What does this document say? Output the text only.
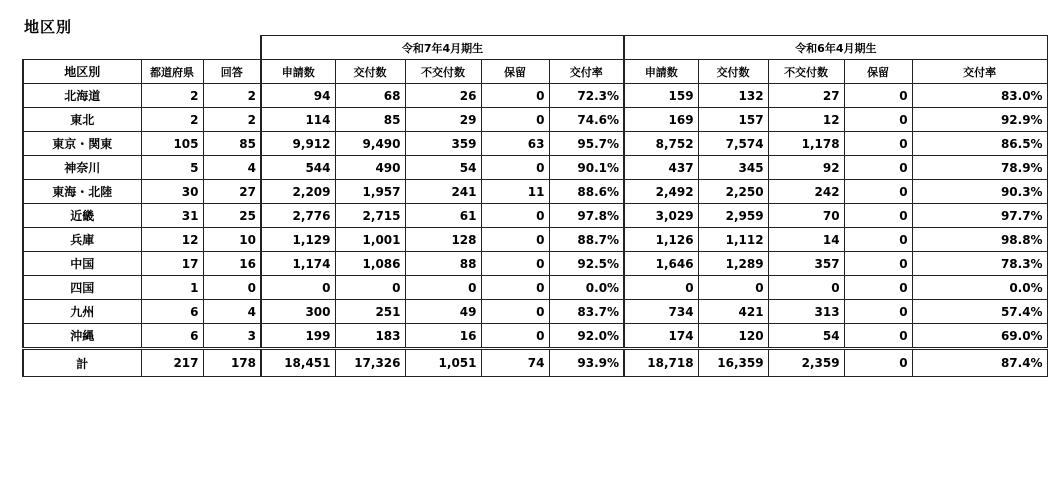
地区別
			令和7年4月期生					令和6年4月期生				
地区別	都道府県	回答	申請数	交付数	不交付数	保留	交付率	申請数	交付数	不交付数	保留	交付率
北海道	2	2	94	68	26	0	72.3%	159	132	27	0	83.0%
東北	2	2	114	85	29	0	74.6%	169	157	12	0	92.9%
東京・関東	105	85	9,912	9,490	359	63	95.7%	8,752	7,574	1,178	0	86.5%
神奈川	5	4	544	490	54	0	90.1%	437	345	92	0	78.9%
東海・北陸	30	27	2,209	1,957	241	11	88.6%	2,492	2,250	242	0	90.3%
近畿	31	25	2,776	2,715	61	0	97.8%	3,029	2,959	70	0	97.7%
兵庫	12	10	1,129	1,001	128	0	88.7%	1,126	1,112	14	0	98.8%
中国	17	16	1,174	1,086	88	0	92.5%	1,646	1,289	357	0	78.3%
四国	1	0	0	0	0	0	0.0%	0	0	0	0	0.0%
九州	6	4	300	251	49	0	83.7%	734	421	313	0	57.4%
沖縄	6	3	199	183	16	0	92.0%	174	120	54	0	69.0%
計	217	178	18,451	17,326	1,051	74	93.9%	18,718	16,359	2,359	0	87.4%
